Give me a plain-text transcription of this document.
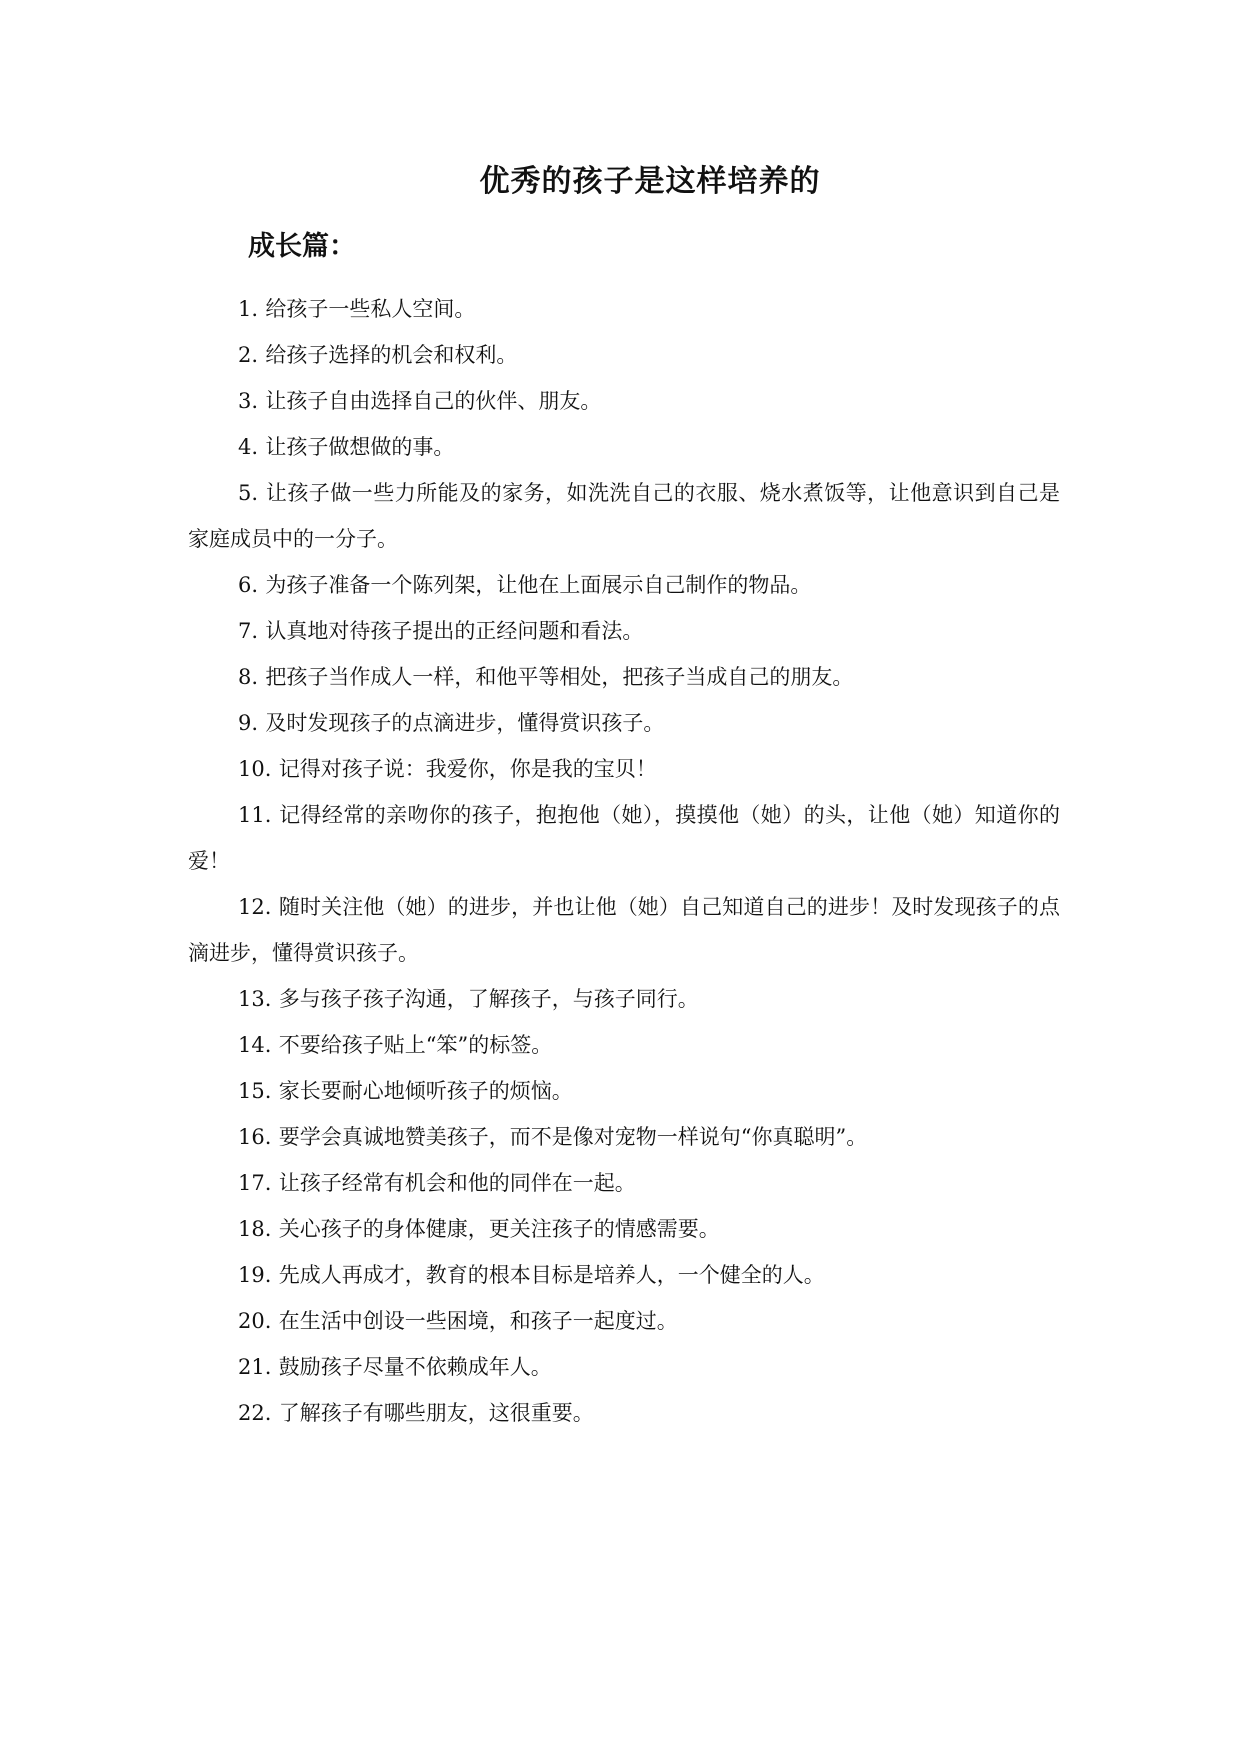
优秀的孩子是这样培养的
成长篇：
1. 给孩子一些私人空间。
2. 给孩子选择的机会和权利。
3. 让孩子自由选择自己的伙伴、朋友。
4. 让孩子做想做的事。
5. 让孩子做一些力所能及的家务，如洗洗自己的衣服、烧水煮饭等，让他意识到自己是家庭成员中的一分子。
6. 为孩子准备一个陈列架，让他在上面展示自己制作的物品。
7. 认真地对待孩子提出的正经问题和看法。
8. 把孩子当作成人一样，和他平等相处，把孩子当成自己的朋友。
9. 及时发现孩子的点滴进步，懂得赏识孩子。
10. 记得对孩子说：我爱你，你是我的宝贝！
11. 记得经常的亲吻你的孩子，抱抱他（她），摸摸他（她）的头，让他（她）知道你的爱！
12. 随时关注他（她）的进步，并也让他（她）自己知道自己的进步！及时发现孩子的点滴进步，懂得赏识孩子。
13. 多与孩子孩子沟通，了解孩子，与孩子同行。
14. 不要给孩子贴上“笨”的标签。
15. 家长要耐心地倾听孩子的烦恼。
16. 要学会真诚地赞美孩子，而不是像对宠物一样说句“你真聪明”。
17. 让孩子经常有机会和他的同伴在一起。
18. 关心孩子的身体健康，更关注孩子的情感需要。
19. 先成人再成才，教育的根本目标是培养人，一个健全的人。
20. 在生活中创设一些困境，和孩子一起度过。
21. 鼓励孩子尽量不依赖成年人。
22. 了解孩子有哪些朋友，这很重要。
